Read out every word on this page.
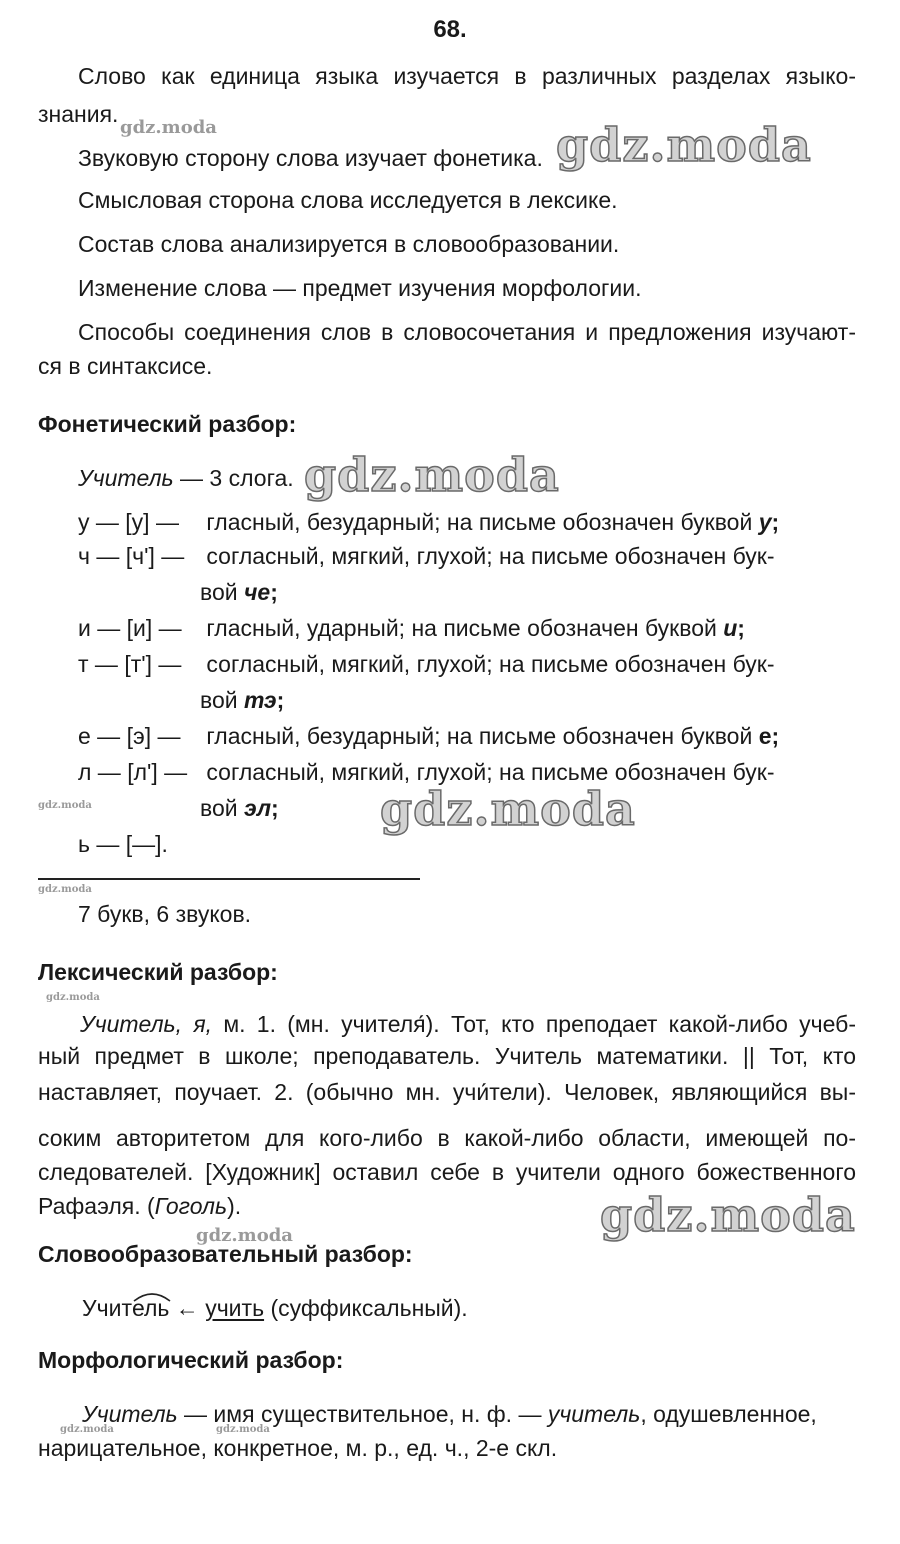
68.
Слово как единица языка изучается в различных разделах языко-
знания.
Звуковую сторону слова изучает фонетика.
Смысловая сторона слова исследуется в лексике.
Состав слова анализируется в словообразовании.
Изменение слова — предмет изучения морфологии.
Способы соединения слов в словосочетания и предложения изучают-
ся в синтаксисе.
Фонетический разбор:
Учитель — 3 слога.
у — [у] — гласный, безударный; на письме обозначен буквой у;
ч — [ч'] — согласный, мягкий, глухой; на письме обозначен бук-
вой че;
и — [и] — гласный, ударный; на письме обозначен буквой и;
т — [т'] — согласный, мягкий, глухой; на письме обозначен бук-
вой тэ;
е — [э] — гласный, безударный; на письме обозначен буквой е;
л — [л'] — согласный, мягкий, глухой; на письме обозначен бук-
вой эл;
ь — [—].
7 букв, 6 звуков.
Лексический разбор:
Учитель, я, м. 1. (мн. учителя́). Тот, кто преподает какой-либо учеб-
ный предмет в школе; преподаватель. Учитель математики. || Тот, кто
наставляет, поучает. 2. (обычно мн. учи́тели). Человек, являющийся вы-
соким авторитетом для кого-либо в какой-либо области, имеющей по-
следователей. [Художник] оставил себе в учители одного божественного
Рафаэля. (Гоголь).
Словообразовательный разбор:
Учит
ель ← учить (суффиксальный).
Морфологический разбор:
Учитель — имя существительное, н. ф. — учитель, одушевленное,
нарицательное, конкретное, м. р., ед. ч., 2-е скл.
gdz.moda
gdz.moda
gdz.moda
gdz.moda
gdz.moda
gdz.moda
gdz.moda
gdz.moda
gdz.moda
gdz.moda	gdz.moda
